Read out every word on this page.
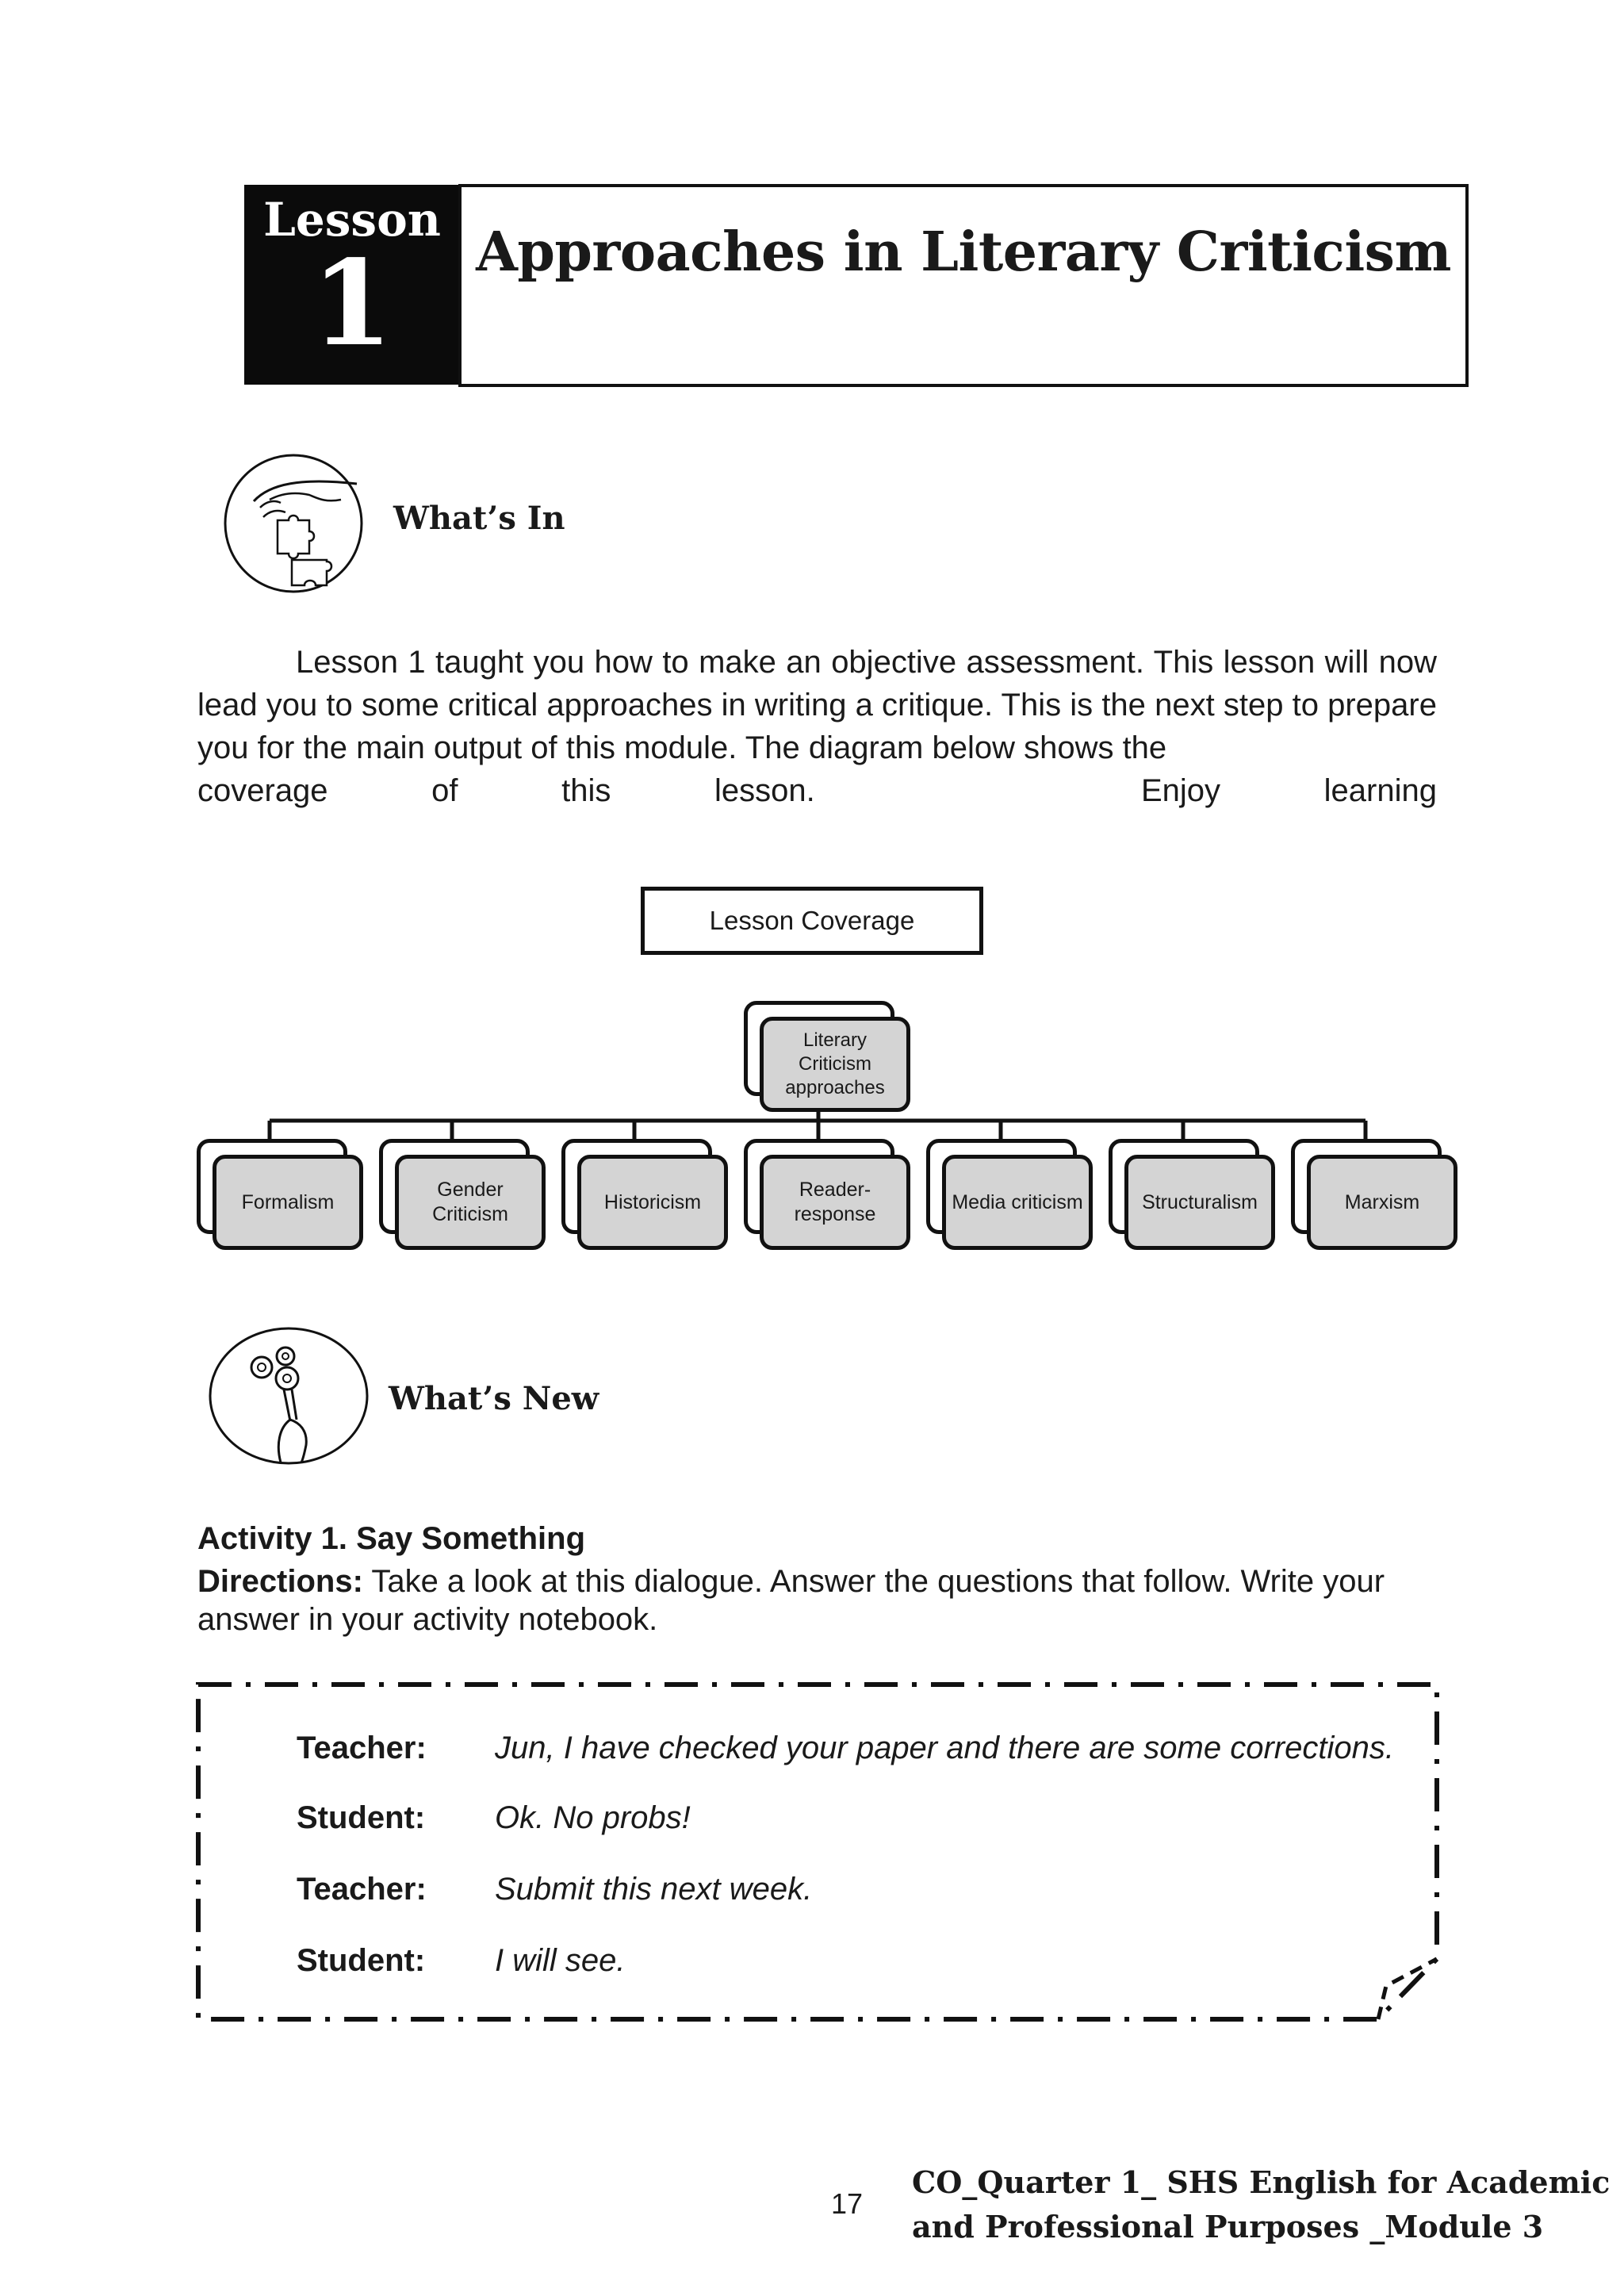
Lesson
1	Approaches in Literary Criticism
What’s In

Lesson 1 taught you how to make an objective assessment. This lesson will now lead you to some critical approaches in writing a critique. This is the next step to prepare you for the main output of this module. The diagram below shows the

coverage	of	this	lesson.	Enjoy	learning
Lesson Coverage
Literary Criticism approaches
Formalism
Gender Criticism
Historicism
Reader-response
Media criticism	Structuralism	Marxism
What’s New
Activity 1. Say Something
Directions: Take a look at this dialogue. Answer the questions that follow. Write your answer in your activity notebook.
Teacher: Jun, I have checked your paper and there are some corrections.
Student: Ok. No probs!
Teacher: Submit this next week.
Student: I will see.
17
CO_Quarter 1_ SHS English for Academic
and Professional Purposes _Module 3
